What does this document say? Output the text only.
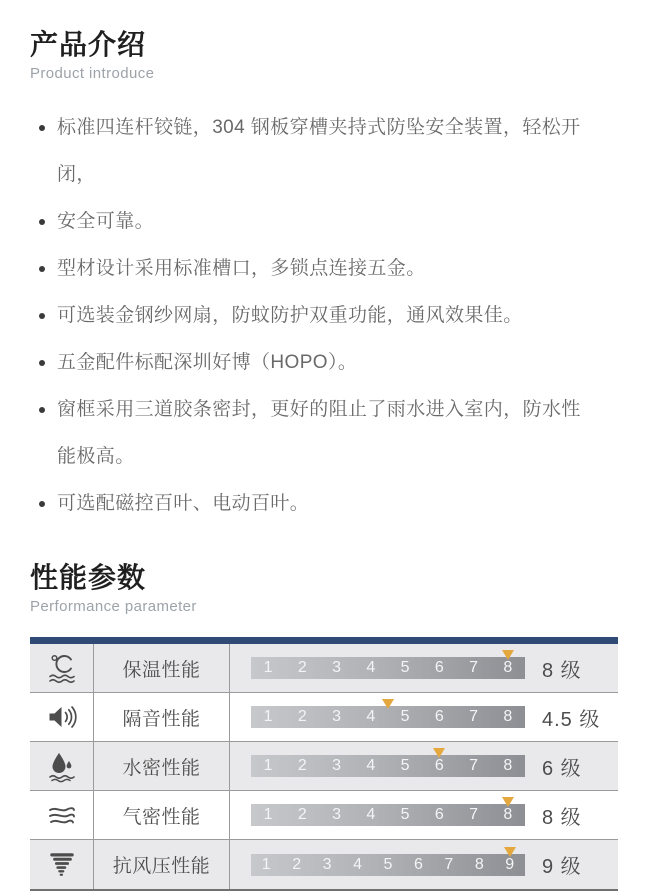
产品介绍
Product introduce
标准四连杆铰链，304 钢板穿槽夹持式防坠安全装置，轻松开闭，
安全可靠。
型材设计采用标准槽口，多锁点连接五金。
可选装金钢纱网扇，防蚊防护双重功能，通风效果佳。
五金配件标配深圳好博（HOPO）。
窗框采用三道胶条密封，更好的阻止了雨水进入室内，防水性能极高。
可选配磁控百叶、电动百叶。
性能参数
Performance parameter
保温性能	1	2	3	4	5	6	7	8	8 级
隔音性能	1	2	3	4	5	6	7	8	4.5 级
水密性能	1	2	3	4	5	6	7	8	6 级
气密性能	1	2	3	4	5	6	7	8	8 级
抗风压性能	1	2	3	4	5	6	7	8	9	9 级
